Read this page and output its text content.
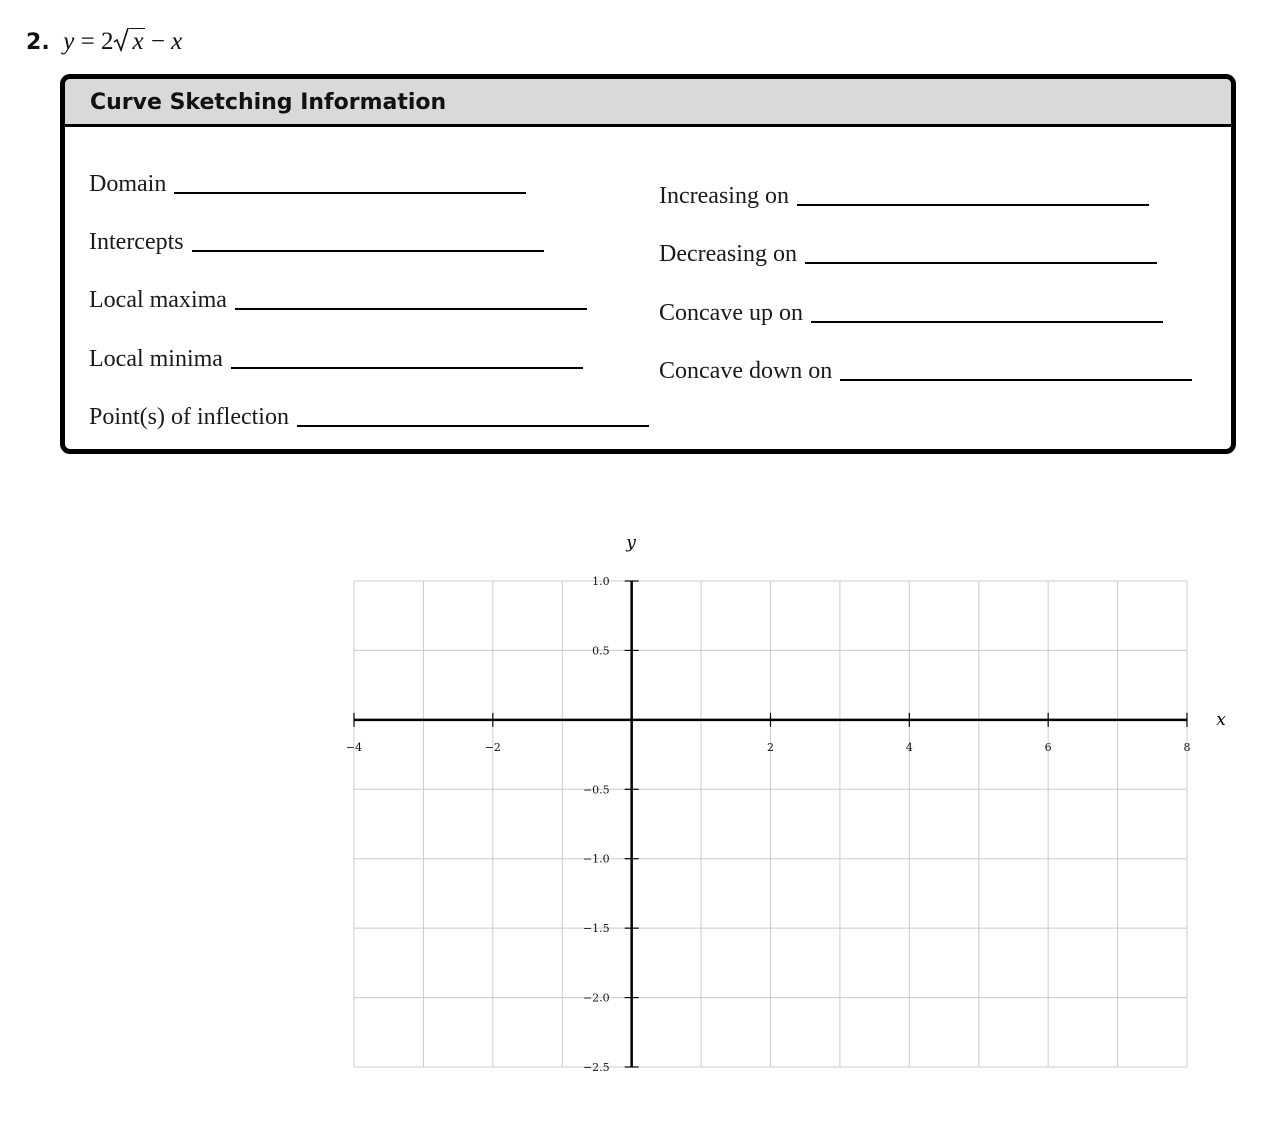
2. y = 2 x − x
Curve Sketching Information
Domain
Intercepts
Local maxima
Local minima
Point(s) of inflection
Increasing on
Decreasing on
Concave up on
Concave down on
−4	−2	2	4	6	8
1.0
0.5
−0.5
−1.0
−1.5
−2.0
−2.5
x
y
